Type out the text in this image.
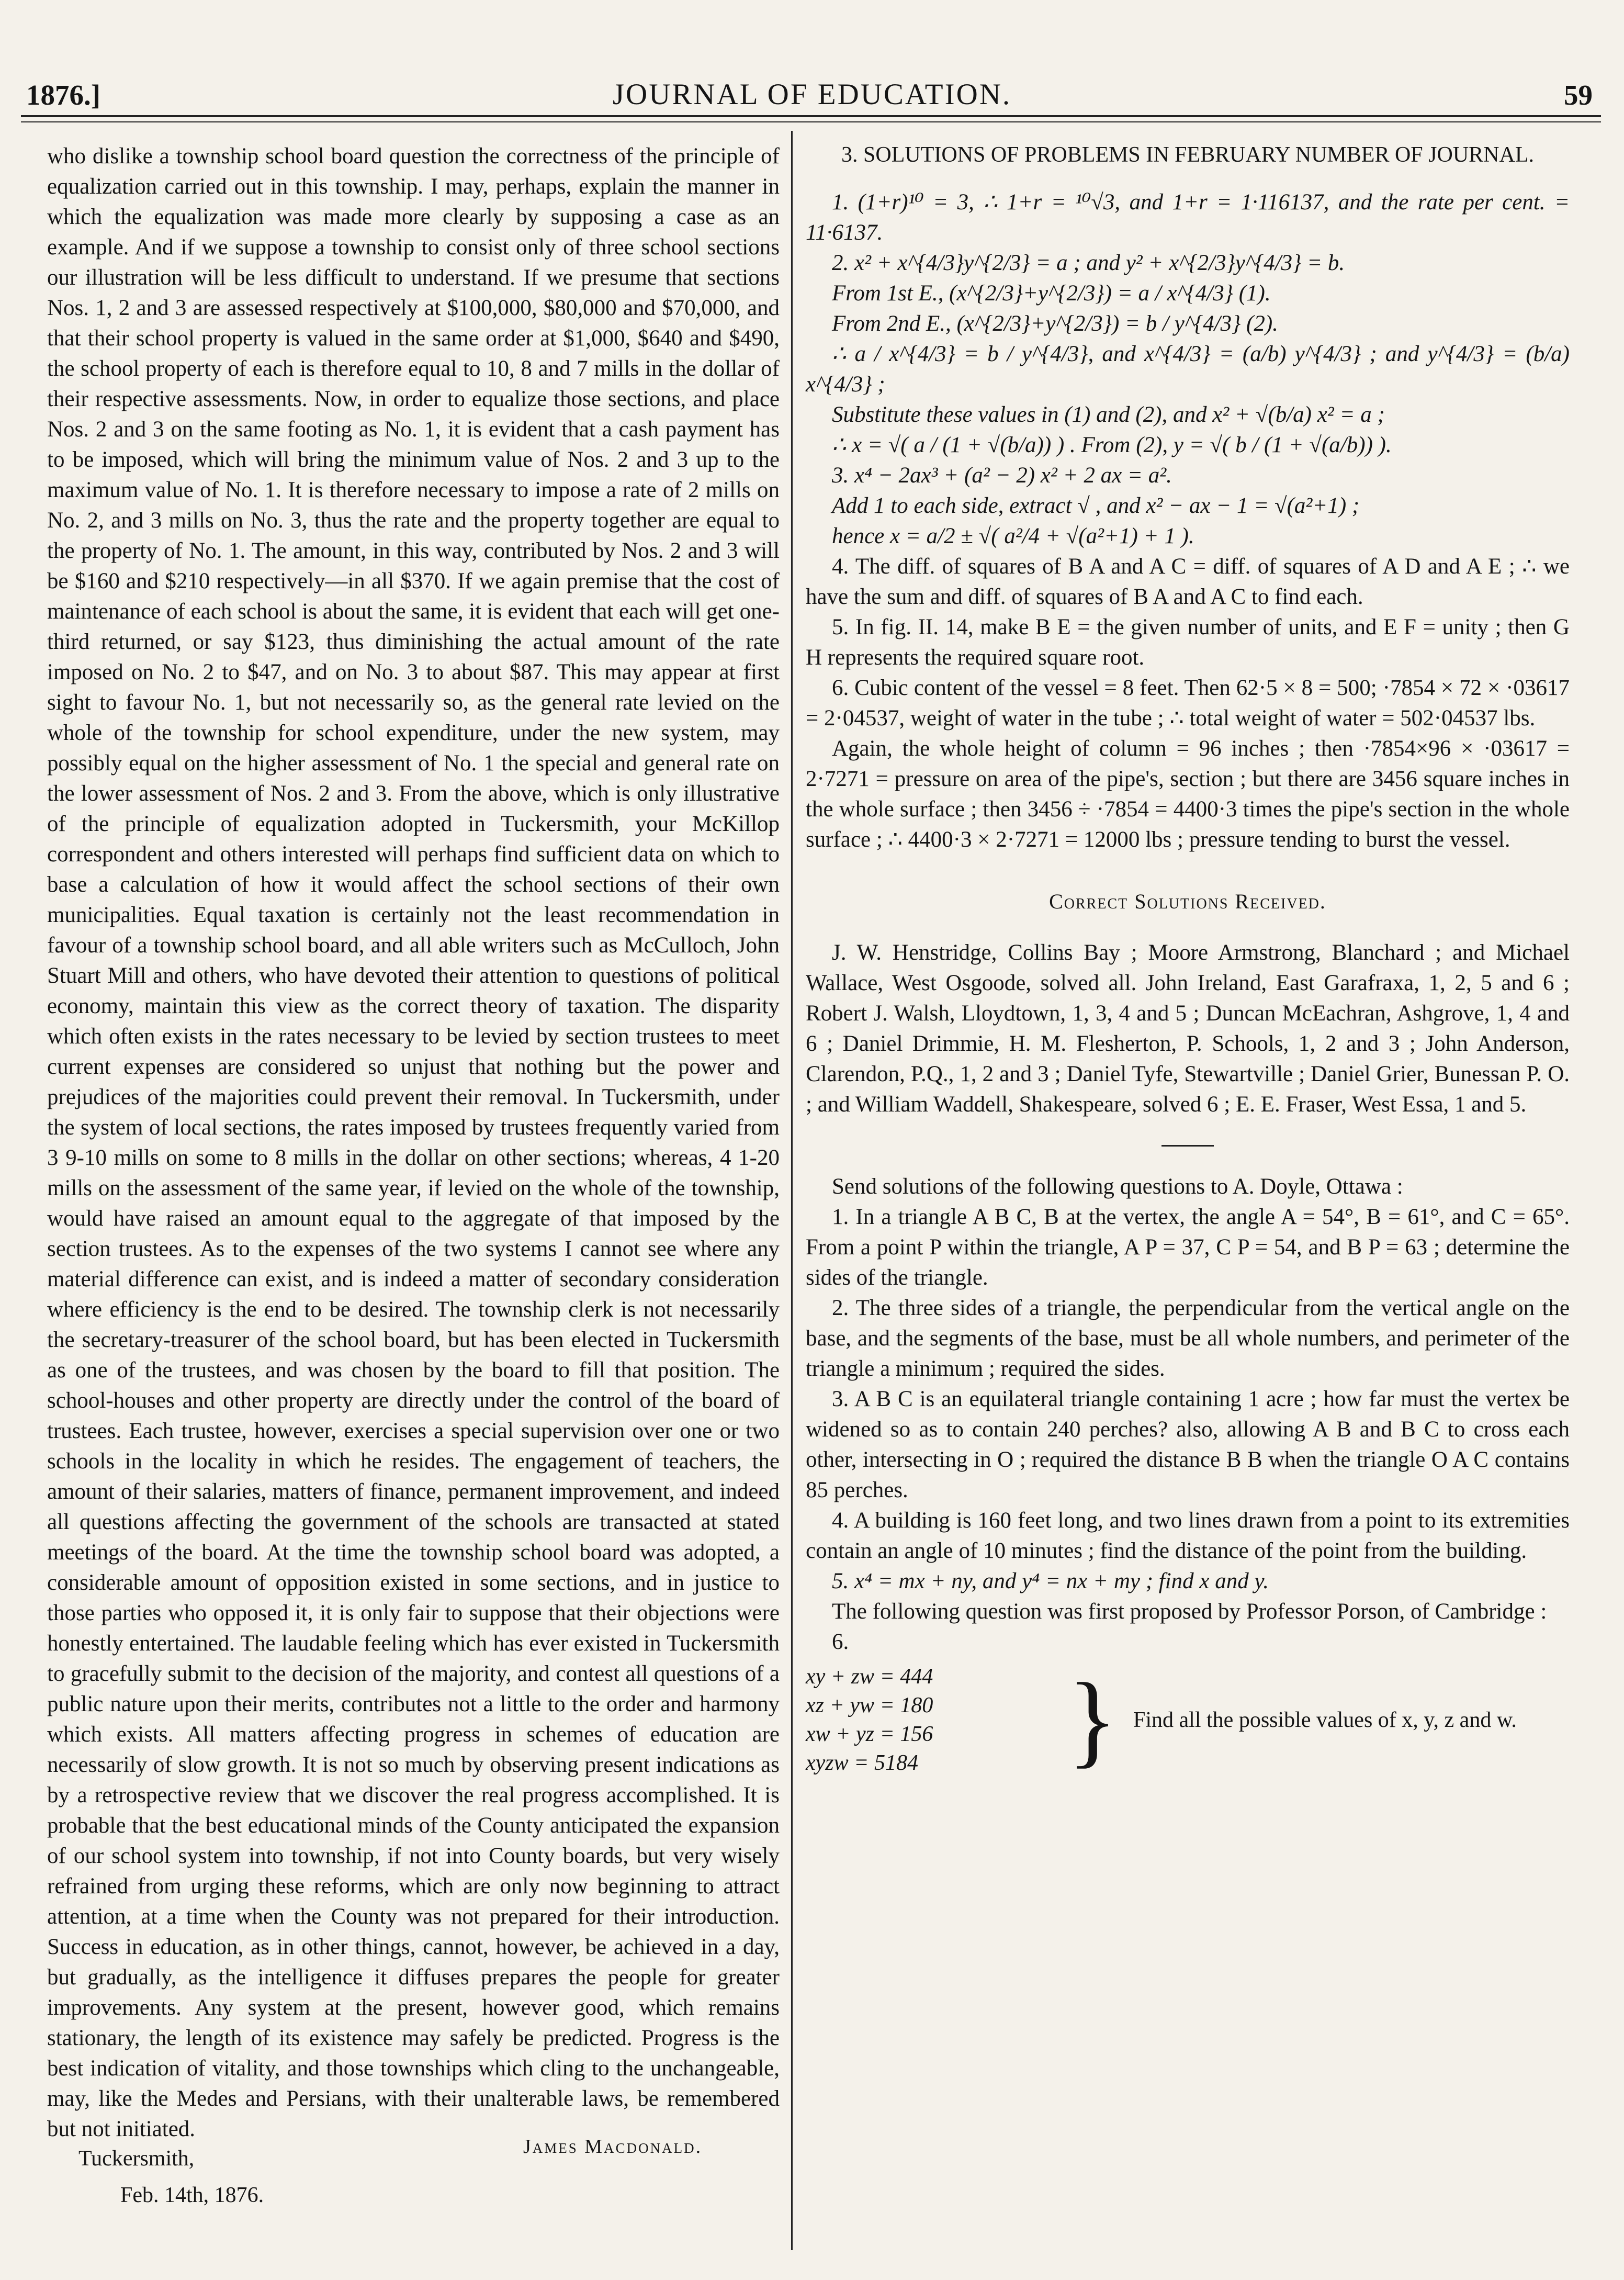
1876.]	JOURNAL OF EDUCATION.	59

who dislike a township school board question the correctness of the principle of equalization carried out in this township. I may, perhaps, explain the manner in which the equalization was made more clearly by supposing a case as an example. And if we suppose a township to consist only of three school sections our illustration will be less difficult to understand. If we presume that sections Nos. 1, 2 and 3 are assessed respectively at $100,000, $80,000 and $70,000, and that their school property is valued in the same order at $1,000, $640 and $490, the school property of each is therefore equal to 10, 8 and 7 mills in the dollar of their respective assessments. Now, in order to equalize those sections, and place Nos. 2 and 3 on the same footing as No. 1, it is evident that a cash payment has to be imposed, which will bring the minimum value of Nos. 2 and 3 up to the maximum value of No. 1. It is therefore necessary to impose a rate of 2 mills on No. 2, and 3 mills on No. 3, thus the rate and the property together are equal to the property of No. 1. The amount, in this way, contributed by Nos. 2 and 3 will be $160 and $210 respectively—in all $370. If we again premise that the cost of maintenance of each school is about the same, it is evident that each will get one-third returned, or say $123, thus diminishing the actual amount of the rate imposed on No. 2 to $47, and on No. 3 to about $87. This may appear at first sight to favour No. 1, but not necessarily so, as the general rate levied on the whole of the township for school expenditure, under the new system, may possibly equal on the higher assessment of No. 1 the special and general rate on the lower assessment of Nos. 2 and 3. From the above, which is only illustrative of the principle of equalization adopted in Tuckersmith, your McKillop correspondent and others interested will perhaps find sufficient data on which to base a calculation of how it would affect the school sections of their own municipalities. Equal taxation is certainly not the least recommendation in favour of a township school board, and all able writers such as McCulloch, John Stuart Mill and others, who have devoted their attention to questions of political economy, maintain this view as the correct theory of taxation. The disparity which often exists in the rates necessary to be levied by section trustees to meet current expenses are considered so unjust that nothing but the power and prejudices of the majorities could prevent their removal. In Tuckersmith, under the system of local sections, the rates imposed by trustees frequently varied from 3 9-10 mills on some to 8 mills in the dollar on other sections; whereas, 4 1-20 mills on the assessment of the same year, if levied on the whole of the township, would have raised an amount equal to the aggregate of that imposed by the section trustees. As to the expenses of the two systems I cannot see where any material difference can exist, and is indeed a matter of secondary consideration where efficiency is the end to be desired. The township clerk is not necessarily the secretary-treasurer of the school board, but has been elected in Tuckersmith as one of the trustees, and was chosen by the board to fill that position. The school-houses and other property are directly under the control of the board of trustees. Each trustee, however, exercises a special supervision over one or two schools in the locality in which he resides. The engagement of teachers, the amount of their salaries, matters of finance, permanent improvement, and indeed all questions affecting the government of the schools are transacted at stated meetings of the board. At the time the township school board was adopted, a considerable amount of opposition existed in some sections, and in justice to those parties who opposed it, it is only fair to suppose that their objections were honestly entertained. The laudable feeling which has ever existed in Tuckersmith to gracefully submit to the decision of the majority, and contest all questions of a public nature upon their merits, contributes not a little to the order and harmony which exists. All matters affecting progress in schemes of education are necessarily of slow growth. It is not so much by observing present indications as by a retrospective review that we discover the real progress accomplished. It is probable that the best educational minds of the County anticipated the expansion of our school system into township, if not into County boards, but very wisely refrained from urging these reforms, which are only now beginning to attract attention, at a time when the County was not prepared for their introduction. Success in education, as in other things, cannot, however, be achieved in a day, but gradually, as the intelligence it diffuses prepares the people for greater improvements. Any system at the present, however good, which remains stationary, the length of its existence may safely be predicted. Progress is the best indication of vitality, and those townships which cling to the unchangeable, may, like the Medes and Persians, with their unalterable laws, be remembered but not initiated.

James Macdonald.
Tuckersmith,
Feb. 14th, 1876.
3. SOLUTIONS OF PROBLEMS IN FEBRUARY NUMBER OF JOURNAL.

1. (1+r)¹⁰ = 3, ∴ 1+r = ¹⁰√3, and 1+r = 1·116137, and the rate per cent. = 11·6137.

2. x² + x^{4/3}y^{2/3} = a ; and y² + x^{2/3}y^{4/3} = b.

From 1st E., (x^{2/3}+y^{2/3}) = a / x^{4/3} (1).

From 2nd E., (x^{2/3}+y^{2/3}) = b / y^{4/3} (2).

∴ a / x^{4/3} = b / y^{4/3}, and x^{4/3} = (a/b) y^{4/3} ; and y^{4/3} = (b/a) x^{4/3} ;

Substitute these values in (1) and (2), and x² + √(b/a) x² = a ;

∴ x = √( a / (1 + √(b/a)) ) . From (2), y = √( b / (1 + √(a/b)) ).

3. x⁴ − 2ax³ + (a² − 2) x² + 2 ax = a².

Add 1 to each side, extract √ , and x² − ax − 1 = √(a²+1) ;

hence x = a/2 ± √( a²/4 + √(a²+1) + 1 ).

4. The diff. of squares of B A and A C = diff. of squares of A D and A E ; ∴ we have the sum and diff. of squares of B A and A C to find each.

5. In fig. II. 14, make B E = the given number of units, and E F = unity ; then G H represents the required square root.

6. Cubic content of the vessel = 8 feet. Then 62·5 × 8 = 500; ·7854 × 72 × ·03617 = 2·04537, weight of water in the tube ; ∴ total weight of water = 502·04537 lbs.

Again, the whole height of column = 96 inches ; then ·7854×96 × ·03617 = 2·7271 = pressure on area of the pipe's, section ; but there are 3456 square inches in the whole surface ; then 3456 ÷ ·7854 = 4400·3 times the pipe's section in the whole surface ; ∴ 4400·3 × 2·7271 = 12000 lbs ; pressure tending to burst the vessel.

Correct Solutions Received.

J. W. Henstridge, Collins Bay ; Moore Armstrong, Blanchard ; and Michael Wallace, West Osgoode, solved all. John Ireland, East Garafraxa, 1, 2, 5 and 6 ; Robert J. Walsh, Lloydtown, 1, 3, 4 and 5 ; Duncan McEachran, Ashgrove, 1, 4 and 6 ; Daniel Drimmie, H. M. Flesherton, P. Schools, 1, 2 and 3 ; John Anderson, Clarendon, P.Q., 1, 2 and 3 ; Daniel Tyfe, Stewartville ; Daniel Grier, Bunessan P. O. ; and William Waddell, Shakespeare, solved 6 ; E. E. Fraser, West Essa, 1 and 5.

Send solutions of the following questions to A. Doyle, Ottawa :

1. In a triangle A B C, B at the vertex, the angle A = 54°, B = 61°, and C = 65°. From a point P within the triangle, A P = 37, C P = 54, and B P = 63 ; determine the sides of the triangle.

2. The three sides of a triangle, the perpendicular from the vertical angle on the base, and the segments of the base, must be all whole numbers, and perimeter of the triangle a minimum ; required the sides.

3. A B C is an equilateral triangle containing 1 acre ; how far must the vertex be widened so as to contain 240 perches? also, allowing A B and B C to cross each other, intersecting in O ; required the distance B B when the triangle O A C contains 85 perches.

4. A building is 160 feet long, and two lines drawn from a point to its extremities contain an angle of 10 minutes ; find the distance of the point from the building.

5. x⁴ = mx + ny, and y⁴ = nx + my ; find x and y.

The following question was first proposed by Professor Porson, of Cambridge :

6.

xy + zw = 444
xz + yw = 180
xw + yz = 156
xyzw = 5184	} Find all the possible values of x, y, z and w.
